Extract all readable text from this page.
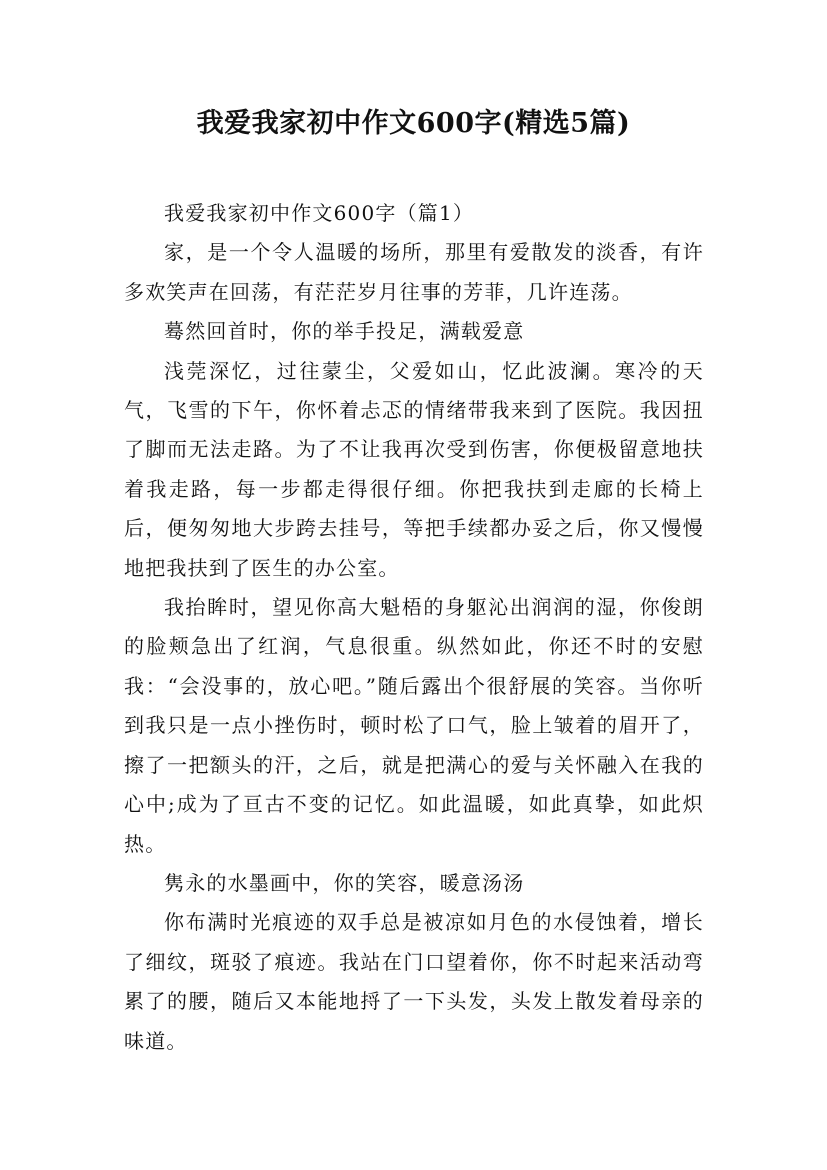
我爱我家初中作文600字(精选5篇)

我爱我家初中作文600字（篇1）

家，是一个令人温暖的场所，那里有爱散发的淡香，有许多欢笑声在回荡，有茫茫岁月往事的芳菲，几许连荡。

蓦然回首时，你的举手投足，满载爱意

浅莞深忆，过往蒙尘，父爱如山，忆此波澜。寒冷的天气，飞雪的下午，你怀着忐忑的情绪带我来到了医院。我因扭了脚而无法走路。为了不让我再次受到伤害，你便极留意地扶着我走路，每一步都走得很仔细。你把我扶到走廊的长椅上后，便匆匆地大步跨去挂号，等把手续都办妥之后，你又慢慢地把我扶到了医生的办公室。

我抬眸时，望见你高大魁梧的身躯沁出润润的湿，你俊朗的脸颊急出了红润，气息很重。纵然如此，你还不时的安慰我：“会没事的，放心吧。”随后露出个很舒展的笑容。当你听到我只是一点小挫伤时，顿时松了口气，脸上皱着的眉开了，擦了一把额头的汗，之后，就是把满心的爱与关怀融入在我的心中;成为了亘古不变的记忆。如此温暖，如此真挚，如此炽热。

隽永的水墨画中，你的笑容，暖意汤汤

你布满时光痕迹的双手总是被凉如月色的水侵蚀着，增长了细纹，斑驳了痕迹。我站在门口望着你，你不时起来活动弯累了的腰，随后又本能地捋了一下头发，头发上散发着母亲的味道。
